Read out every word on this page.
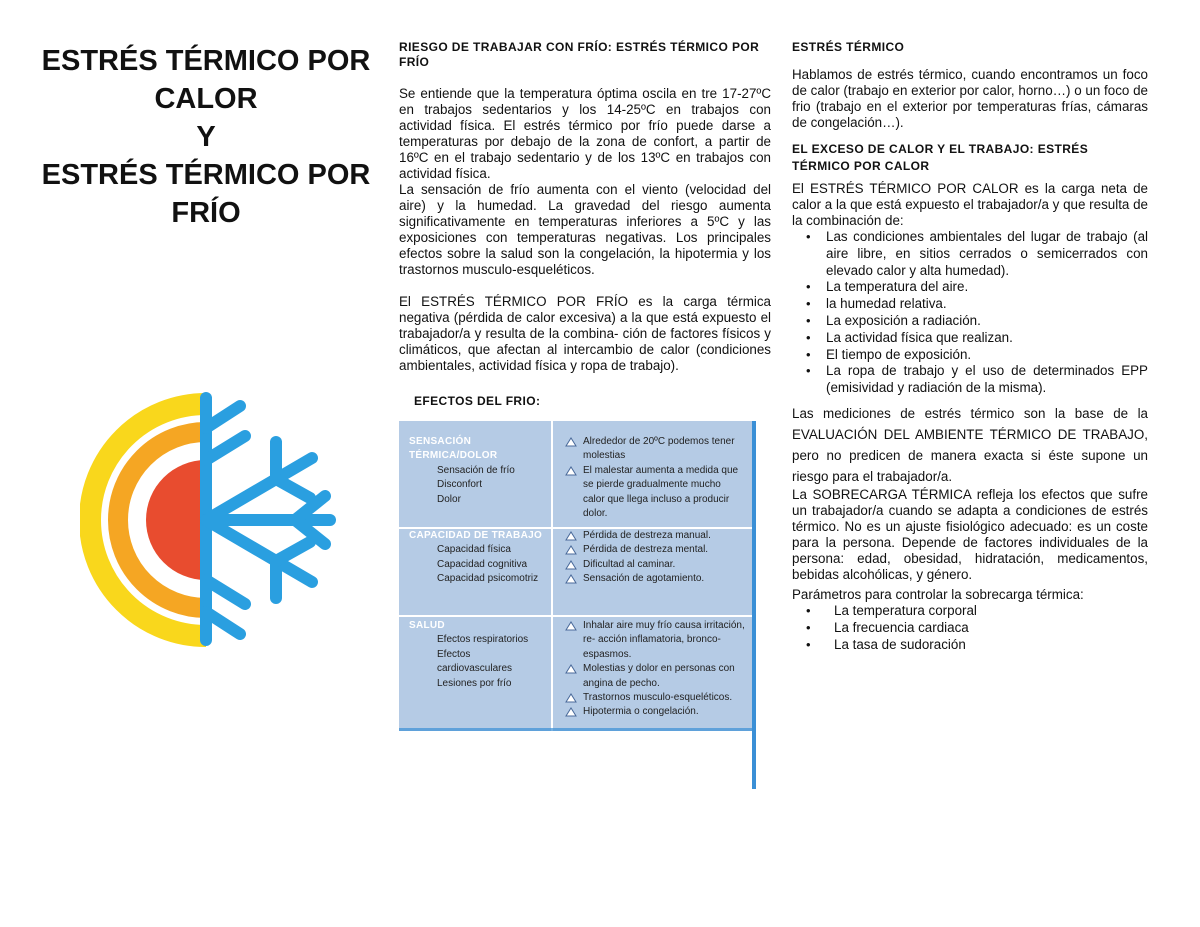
ESTRÉS TÉRMICO POR
CALOR
Y
ESTRÉS TÉRMICO POR
FRÍO

RIESGO DE TRABAJAR CON FRÍO: ESTRÉS TÉRMICO POR FRÍO

Se entiende que la temperatura óptima oscila en tre 17-27ºC en trabajos sedentarios y los 14-25ºC en trabajos con actividad física. El estrés térmico por frío puede darse a temperaturas por debajo de la zona de confort, a partir de 16ºC en el trabajo sedentario y de los 13ºC en trabajos con actividad física.

La sensación de frío aumenta con el viento (velocidad del aire) y la humedad. La gravedad del riesgo aumenta significativamente en temperaturas inferiores a 5ºC y las exposiciones con temperaturas negativas. Los principales efectos sobre la salud son la congelación, la hipotermia y los trastornos musculo-esqueléticos.

El ESTRÉS TÉRMICO POR FRÍO es la carga térmica negativa (pérdida de calor excesiva) a la que está expuesto el trabajador/a y resulta de la combina- ción de factores físicos y climáticos, que afectan al intercambio de calor (condiciones ambientales, actividad física y ropa de trabajo).

EFECTOS DEL FRIO:

SENSACIÓN TÉRMICA/DOLOR
Sensación de frío
Disconfort
Dolor
Alrededor de 20ºC podemos tener molestias
El malestar aumenta a medida que se pierde gradualmente mucho calor que llega incluso a producir dolor.
CAPACIDAD DE TRABAJO
Capacidad física
Capacidad cognitiva
Capacidad psicomotriz
Pérdida de destreza manual.
Pérdida de destreza mental.
Dificultad al caminar.
Sensación de agotamiento.
SALUD
Efectos respiratorios
Efectos cardiovasculares
Lesiones por frío
Inhalar aire muy frío causa irritación, re- acción inflamatoria, bronco-espasmos.
Molestias y dolor en personas con angina de pecho.
Trastornos musculo-esqueléticos.
Hipotermia o congelación.

ESTRÉS TÉRMICO

Hablamos de estrés térmico, cuando encontramos un foco de calor (trabajo en exterior por calor, horno…) o un foco de frio (trabajo en el exterior por temperaturas frías, cámaras de congelación…).

EL EXCESO DE CALOR Y EL TRABAJO: ESTRÉS TÉRMICO POR CALOR

El ESTRÉS TÉRMICO POR CALOR es la carga neta de calor a la que está expuesto el trabajador/a y que resulta de la combinación de:

• Las condiciones ambientales del lugar de trabajo (al aire libre, en sitios cerrados o semicerrados con elevado calor y alta humedad).
• La temperatura del aire.
• la humedad relativa.
• La exposición a radiación.
• La actividad física que realizan.
• El tiempo de exposición.
• La ropa de trabajo y el uso de determinados EPP (emisividad y radiación de la misma).

Las mediciones de estrés térmico son la base de la EVALUACIÓN DEL AMBIENTE TÉRMICO DE TRABAJO, pero no predicen de manera exacta si éste supone un riesgo para el trabajador/a.

La SOBRECARGA TÉRMICA refleja los efectos que sufre un trabajador/a cuando se adapta a condiciones de estrés térmico. No es un ajuste fisiológico adecuado: es un coste para la persona. Depende de factores individuales de la persona: edad, obesidad, hidratación, medicamentos, bebidas alcohólicas, y género.

Parámetros para controlar la sobrecarga térmica:

• La temperatura corporal
• La frecuencia cardiaca
• La tasa de sudoración
